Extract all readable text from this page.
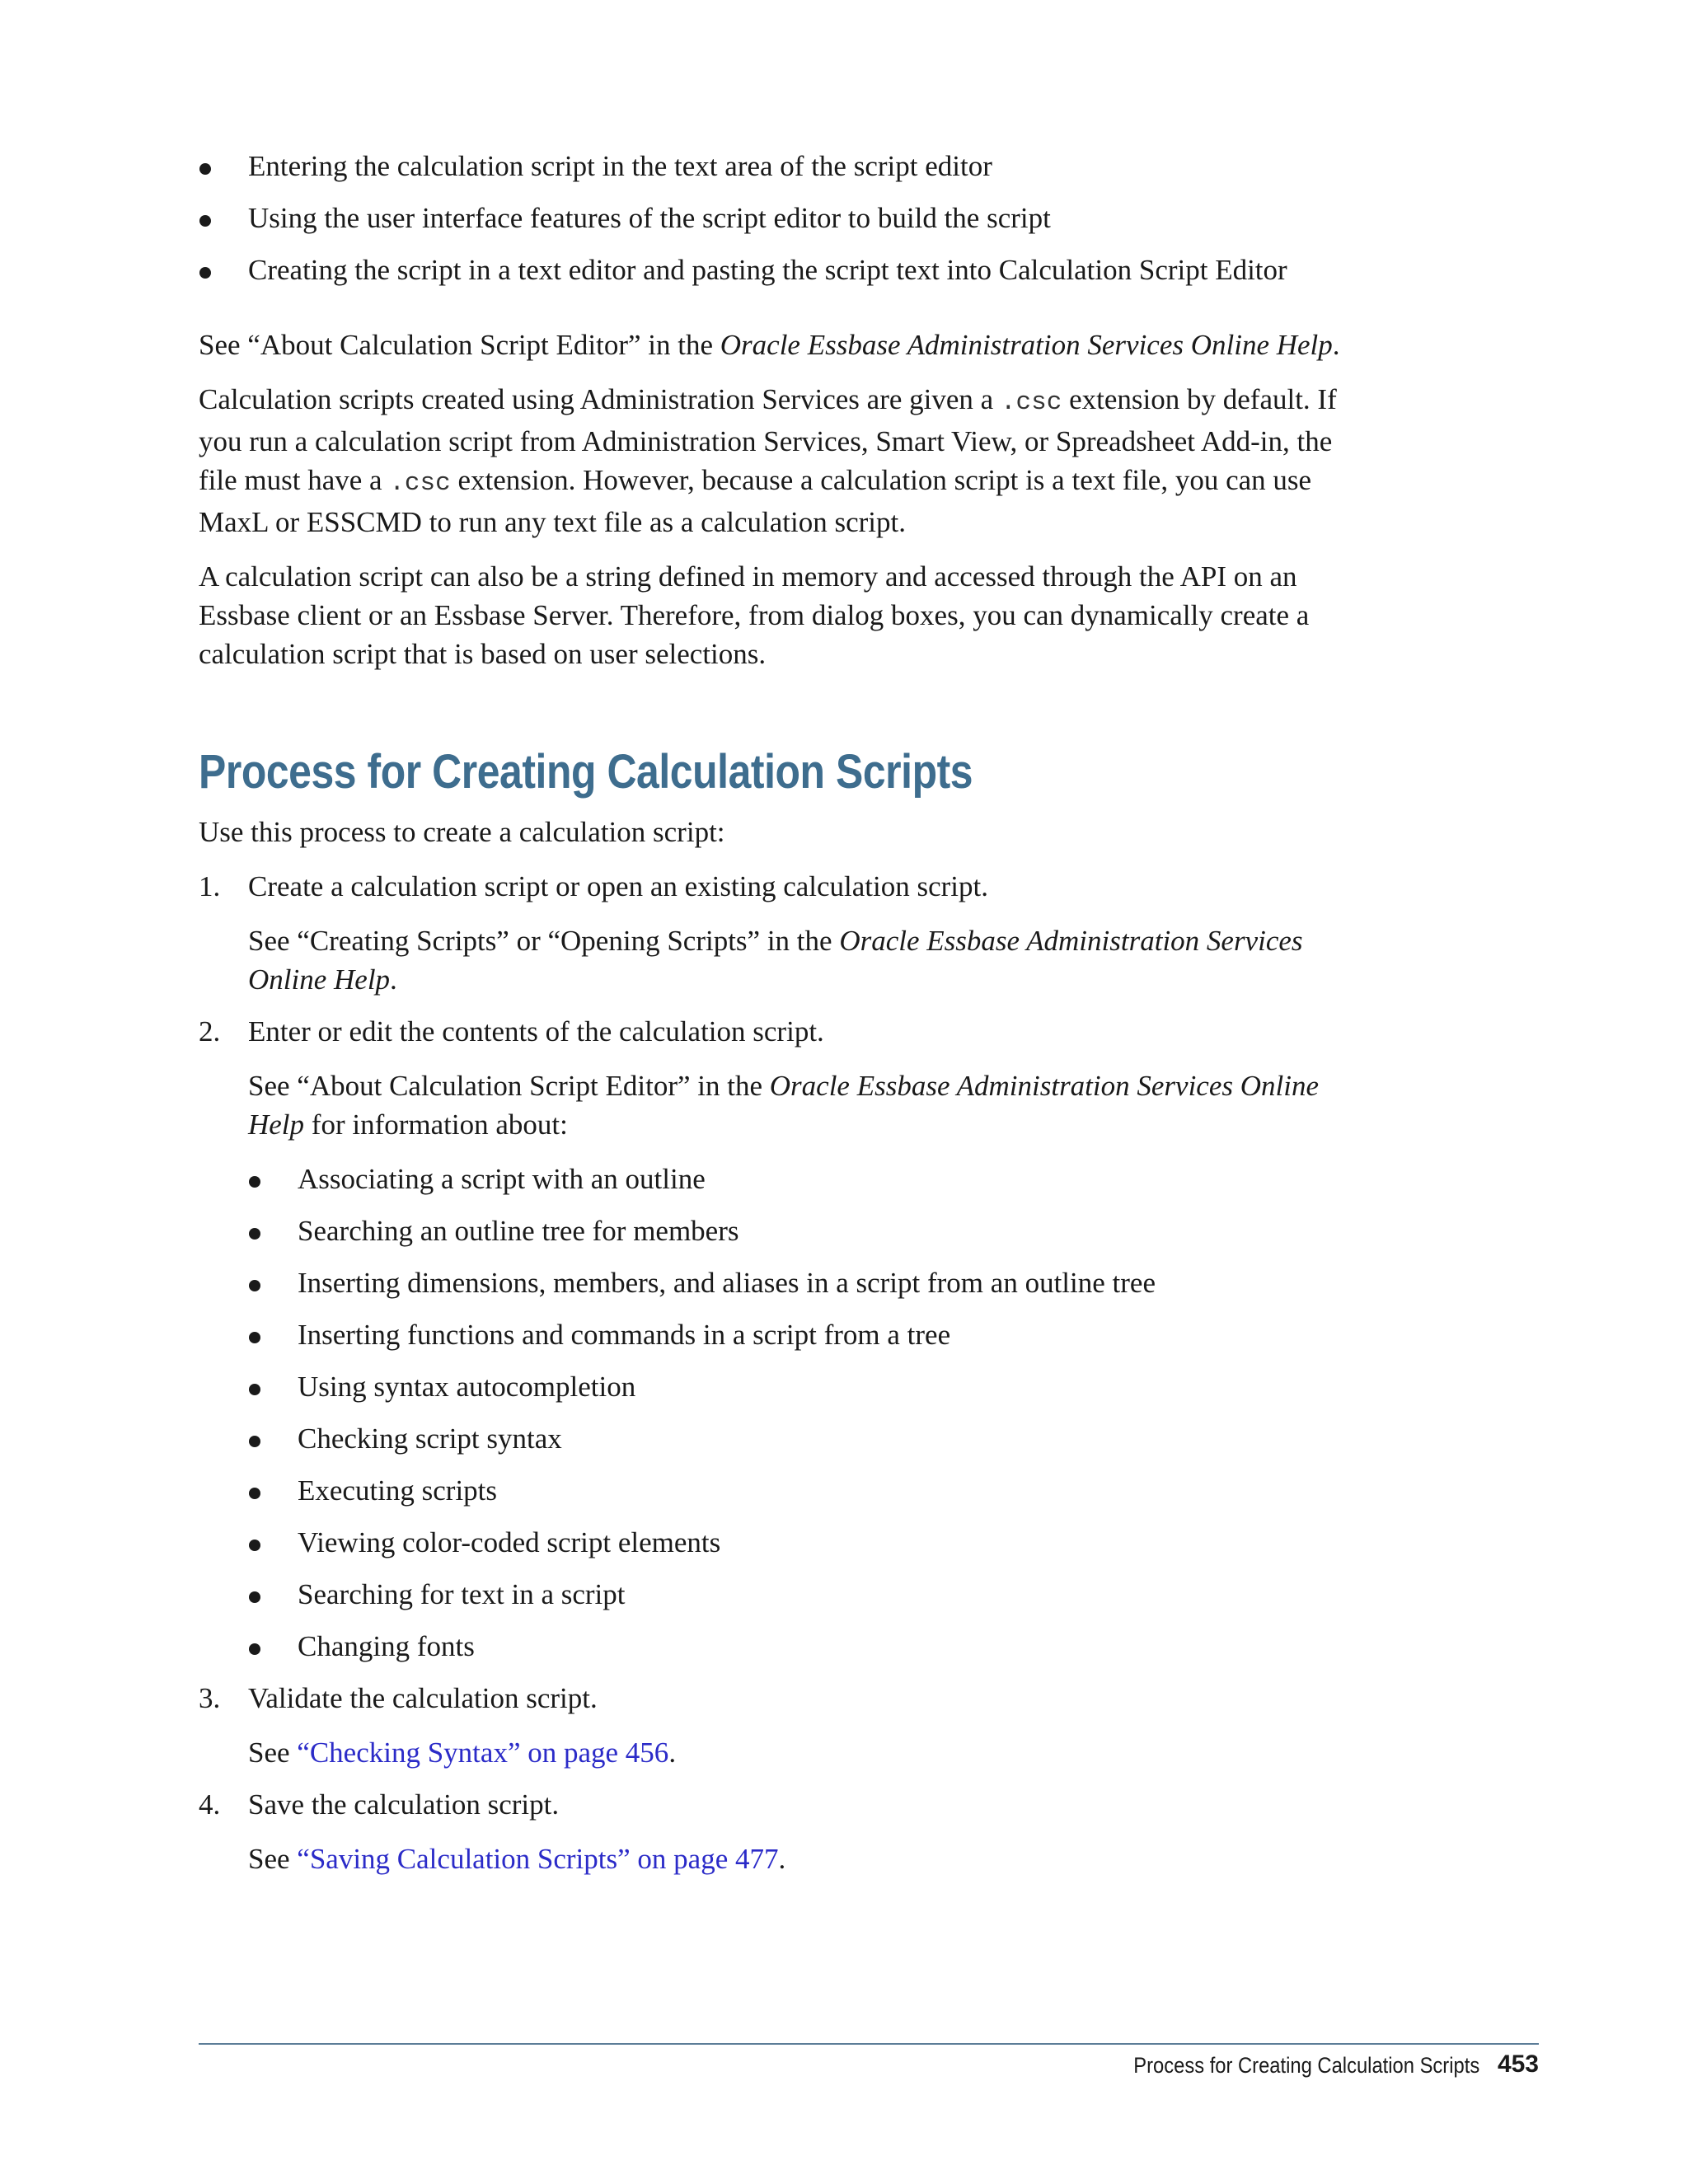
Entering the calculation script in the text area of the script editor
Using the user interface features of the script editor to build the script
Creating the script in a text editor and pasting the script text into Calculation Script Editor

See “About Calculation Script Editor” in the Oracle Essbase Administration Services Online Help.

Calculation scripts created using Administration Services are given a .csc extension by default. If you run a calculation script from Administration Services, Smart View, or Spreadsheet Add-in, the file must have a .csc extension. However, because a calculation script is a text file, you can use MaxL or ESSCMD to run any text file as a calculation script.

A calculation script can also be a string defined in memory and accessed through the API on an Essbase client or an Essbase Server. Therefore, from dialog boxes, you can dynamically create a calculation script that is based on user selections.

Process for Creating Calculation Scripts

Use this process to create a calculation script:

1. Create a calculation script or open an existing calculation script.
See “Creating Scripts” or “Opening Scripts” in the Oracle Essbase Administration Services Online Help.
2. Enter or edit the contents of the calculation script.
See “About Calculation Script Editor” in the Oracle Essbase Administration Services Online Help for information about:
Associating a script with an outline
Searching an outline tree for members
Inserting dimensions, members, and aliases in a script from an outline tree
Inserting functions and commands in a script from a tree
Using syntax autocompletion
Checking script syntax
Executing scripts
Viewing color-coded script elements
Searching for text in a script
Changing fonts
3. Validate the calculation script.
See “Checking Syntax” on page 456.
4. Save the calculation script.
See “Saving Calculation Scripts” on page 477.
Process for Creating Calculation Scripts 453
